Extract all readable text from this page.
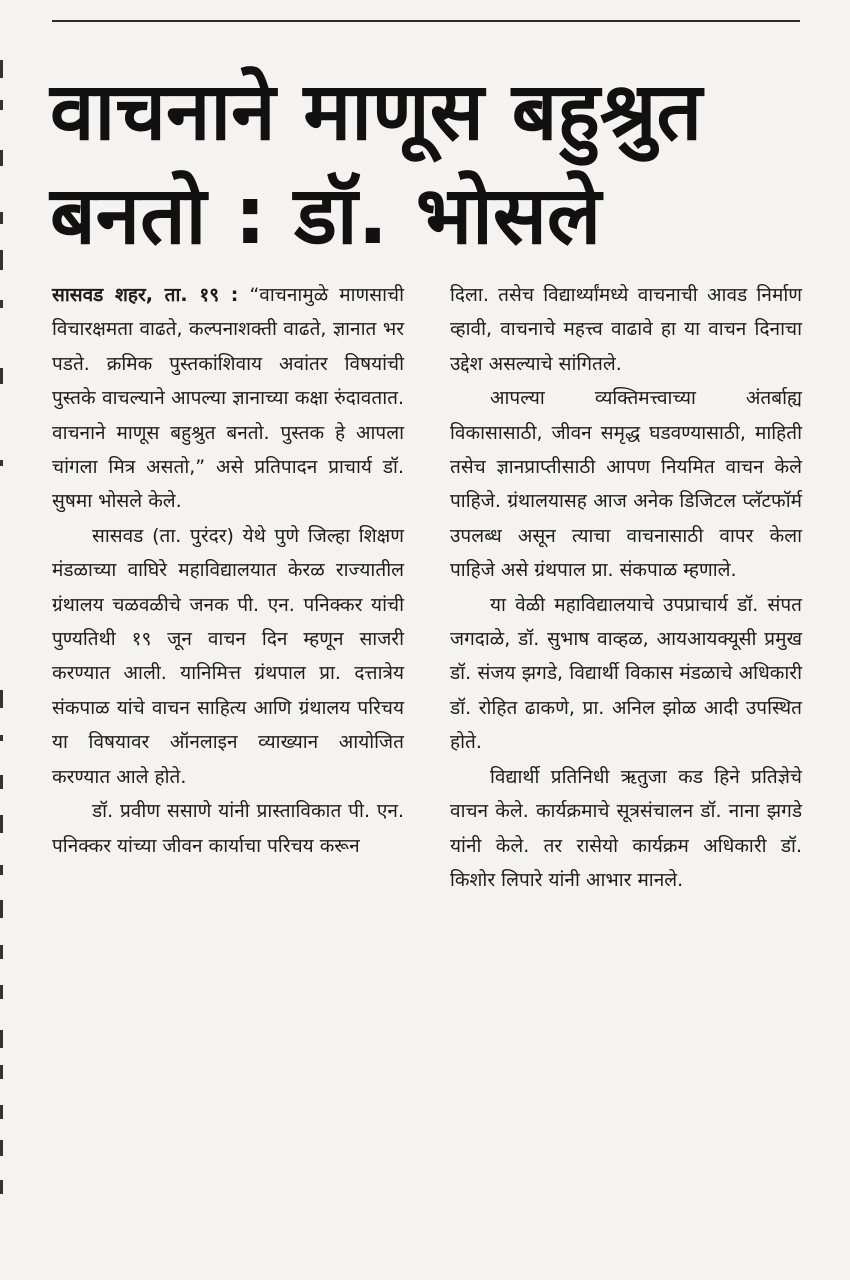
वाचनाने माणूस बहुश्रुत
बनतो : डॉ. भोसले

सासवड शहर, ता. १९ : “वाचनामुळे माणसाची विचारक्षमता वाढते, कल्पनाशक्ती वाढते, ज्ञानात भर पडते. क्रमिक पुस्तकांशिवाय अवांतर विषयांची पुस्तके वाचल्याने आपल्या ज्ञानाच्या कक्षा रुंदावतात. वाचनाने माणूस बहुश्रुत बनतो. पुस्तक हे आपला चांगला मित्र असतो,” असे प्रतिपादन प्राचार्य डॉ. सुषमा भोसले केले.

सासवड (ता. पुरंदर) येथे पुणे जिल्हा शिक्षण मंडळाच्या वाघिरे महाविद्यालयात केरळ राज्यातील ग्रंथालय चळवळीचे जनक पी. एन. पनिक्कर यांची पुण्यतिथी १९ जून वाचन दिन म्हणून साजरी करण्यात आली. यानिमित्त ग्रंथपाल प्रा. दत्तात्रेय संकपाळ यांचे वाचन साहित्य आणि ग्रंथालय परिचय या विषयावर ऑनलाइन व्याख्यान आयोजित करण्यात आले होते.

डॉ. प्रवीण ससाणे यांनी प्रास्ताविकात पी. एन. पनिक्कर यांच्या जीवन कार्याचा परिचय करून

दिला. तसेच विद्यार्थ्यांमध्ये वाचनाची आवड निर्माण व्हावी, वाचनाचे महत्त्व वाढावे हा या वाचन दिनाचा उद्देश असल्याचे सांगितले.

आपल्या व्यक्तिमत्त्वाच्या अंतर्बाह्य विकासासाठी, जीवन समृद्ध घडवण्यासाठी, माहिती तसेच ज्ञानप्राप्तीसाठी आपण नियमित वाचन केले पाहिजे. ग्रंथालयासह आज अनेक डिजिटल प्लॅटफॉर्म उपलब्ध असून त्याचा वाचनासाठी वापर केला पाहिजे असे ग्रंथपाल प्रा. संकपाळ म्हणाले.

या वेळी महाविद्यालयाचे उपप्राचार्य डॉ. संपत जगदाळे, डॉ. सुभाष वाव्हळ, आयआयक्यूसी प्रमुख डॉ. संजय झगडे, विद्यार्थी विकास मंडळाचे अधिकारी डॉ. रोहित ढाकणे, प्रा. अनिल झोळ आदी उपस्थित होते.

विद्यार्थी प्रतिनिधी ऋतुजा कड हिने प्रतिज्ञेचे वाचन केले. कार्यक्रमाचे सूत्रसंचालन डॉ. नाना झगडे यांनी केले. तर रासेयो कार्यक्रम अधिकारी डॉ. किशोर लिपारे यांनी आभार मानले.
